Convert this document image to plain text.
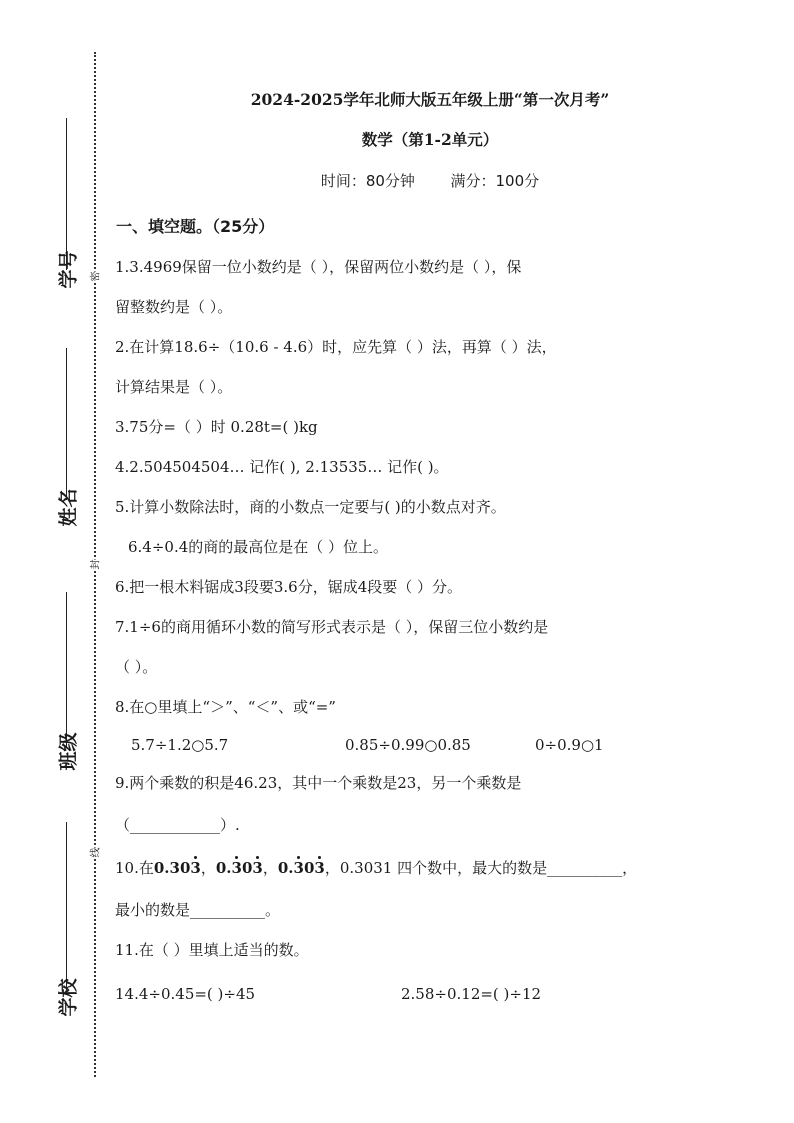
学号
姓名
班级
学校
密
封
线
2024-2025学年北师大版五年级上册“第一次月考”
数学（第1-2单元）
时间：80分钟 满分：100分
一、填空题。（25分）
1.3.4969保留一位小数约是（ ），保留两位小数约是（ ），保
留整数约是（ ）。
2.在计算18.6÷（10.6 - 4.6）时，应先算（ ）法，再算（ ）法，
计算结果是（ ）。
3.75分=（ ）时 0.28t=( )kg
4.2.504504504… 记作( ), 2.13535… 记作( )。
5.计算小数除法时，商的小数点一定要与( )的小数点对齐。
6.4÷0.4的商的最高位是在（ ）位上。
6.把一根木料锯成3段要3.6分，锯成4段要（ ）分。
7.1÷6的商用循环小数的简写形式表示是（ ），保留三位小数约是
（ ）。
8.在○里填上“＞”、“＜”、或“=”
5.7÷1.2○5.7	0.85÷0.99○0.85	0÷0.9○1
9.两个乘数的积是46.23，其中一个乘数是23，另一个乘数是
（____________）.
10.在0.303，0.303，0.303，0.3031 四个数中，最大的数是__________，
最小的数是__________。
11.在（ ）里填上适当的数。
14.4÷0.45=( )÷45	2.58÷0.12=( )÷12
